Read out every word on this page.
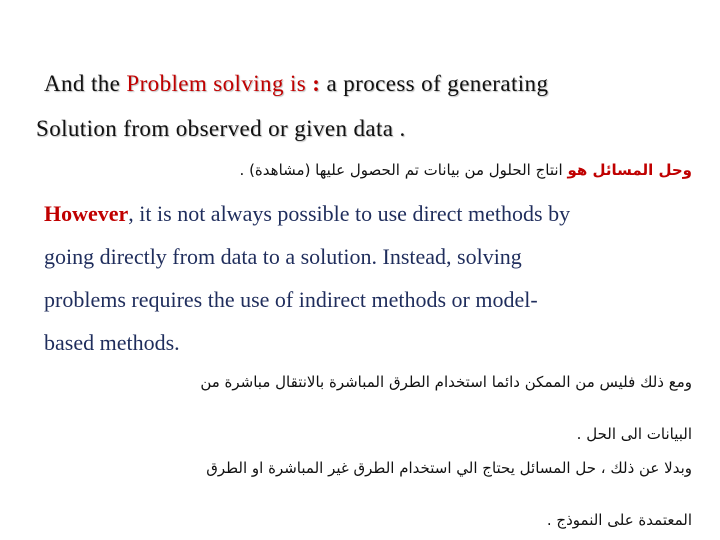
And the Problem solving is : a process of generating
Solution from observed or given data .
وحل المسائل هو انتاج الحلول من بيانات تم الحصول عليها (مشاهدة) .
However, it is not always possible to use direct methods by
going directly from data to a solution. Instead, solving
problems requires the use of indirect methods or model-
based methods.
ومع ذلك فليس من الممكن دائما استخدام الطرق المباشرة بالانتقال مباشرة من
البيانات الى الحل .
وبدلا عن ذلك ، حل المسائل يحتاج الي استخدام الطرق غير المباشرة او الطرق
المعتمدة على النموذج .
